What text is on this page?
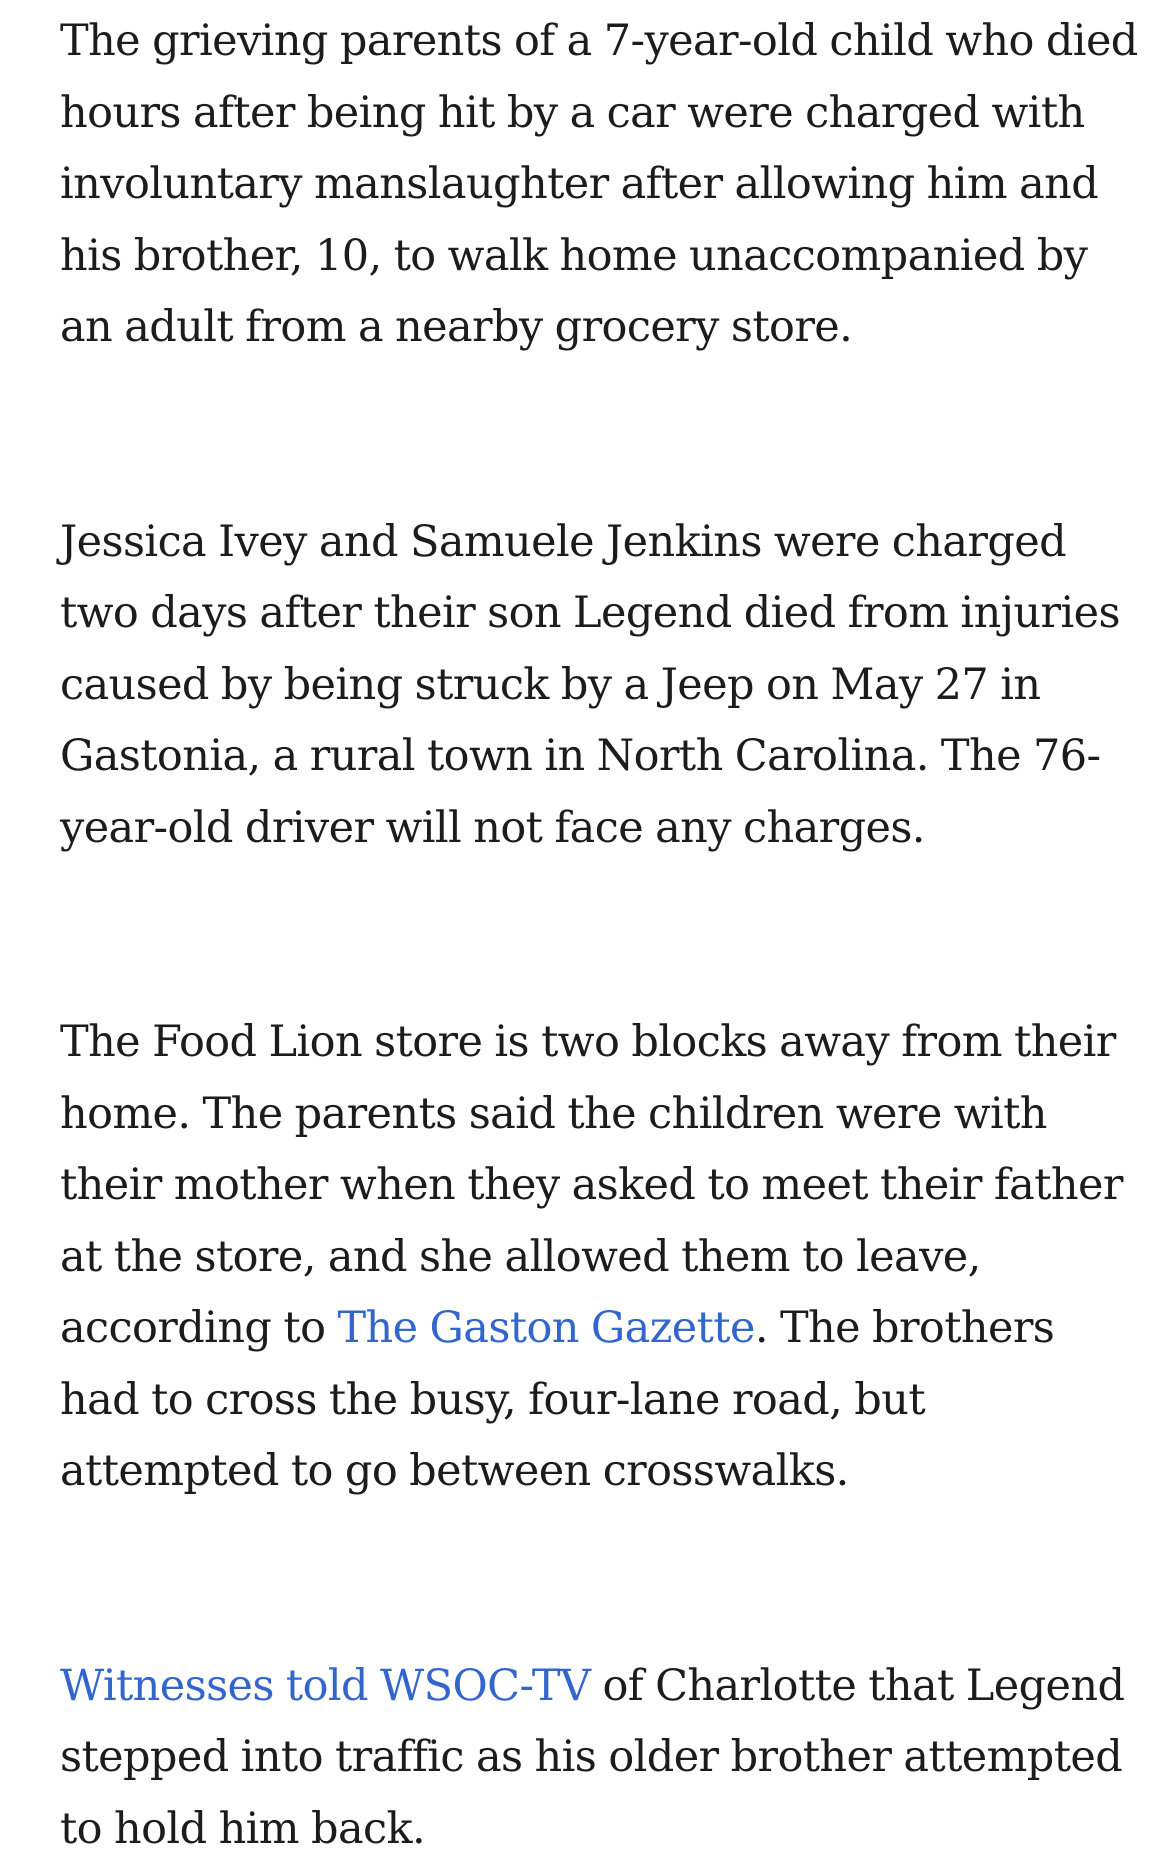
The grieving parents of a 7-year-old child who died hours after being hit by a car were charged with involuntary manslaughter after allowing him and his brother, 10, to walk home unaccompanied by an adult from a nearby grocery store.

Jessica Ivey and Samuele Jenkins were charged two days after their son Legend died from injuries caused by being struck by a Jeep on May 27 in Gastonia, a rural town in North Carolina. The 76-year-old driver will not face any charges.

The Food Lion store is two blocks away from their home. The parents said the children were with their mother when they asked to meet their father at the store, and she allowed them to leave, according to The Gaston Gazette. The brothers had to cross the busy, four-lane road, but attempted to go between crosswalks.

Witnesses told WSOC-TV of Charlotte that Legend stepped into traffic as his older brother attempted to hold him back.
